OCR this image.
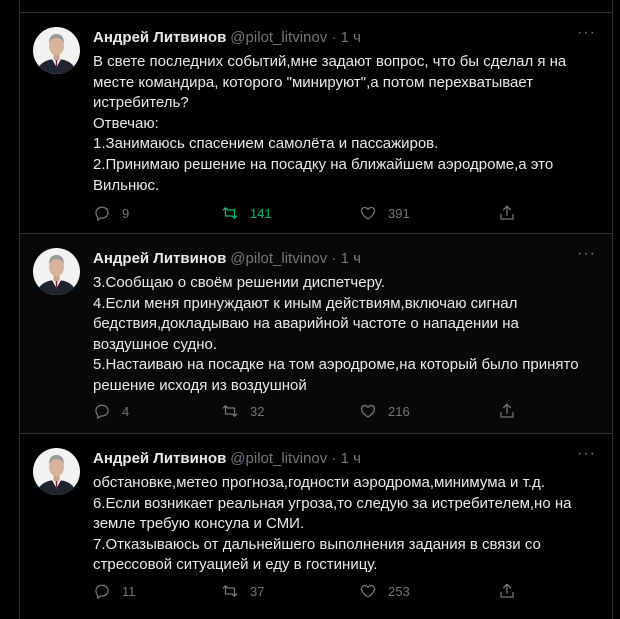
Андрей Литвинов @pilot_litvinov · 1 ч	···
В свете последних событий,мне задают вопрос, что бы сделал я на
месте командира, которого "минируют",а потом перехватывает
истребитель?
Отвечаю:
1.Занимаюсь спасением самолёта и пассажиров.
2.Принимаю решение на посадку на ближайшем аэродроме,а это
Вильнюс.
9	141	391
Андрей Литвинов @pilot_litvinov · 1 ч	···
3.Сообщаю о своём решении диспетчеру.
4.Если меня принуждают к иным действиям,включаю сигнал
бедствия,докладываю на аварийной частоте о нападении на
воздушное судно.
5.Настаиваю на посадке на том аэродроме,на который было принято
решение исходя из воздушной
4	32	216
Андрей Литвинов @pilot_litvinov · 1 ч	···
обстановке,метео прогноза,годности аэродрома,минимума и т.д.
6.Если возникает реальная угроза,то следую за истребителем,но на
земле требую консула и СМИ.
7.Отказываюсь от дальнейшего выполнения задания в связи со
стрессовой ситуацией и еду в гостиницу.
11	37	253
